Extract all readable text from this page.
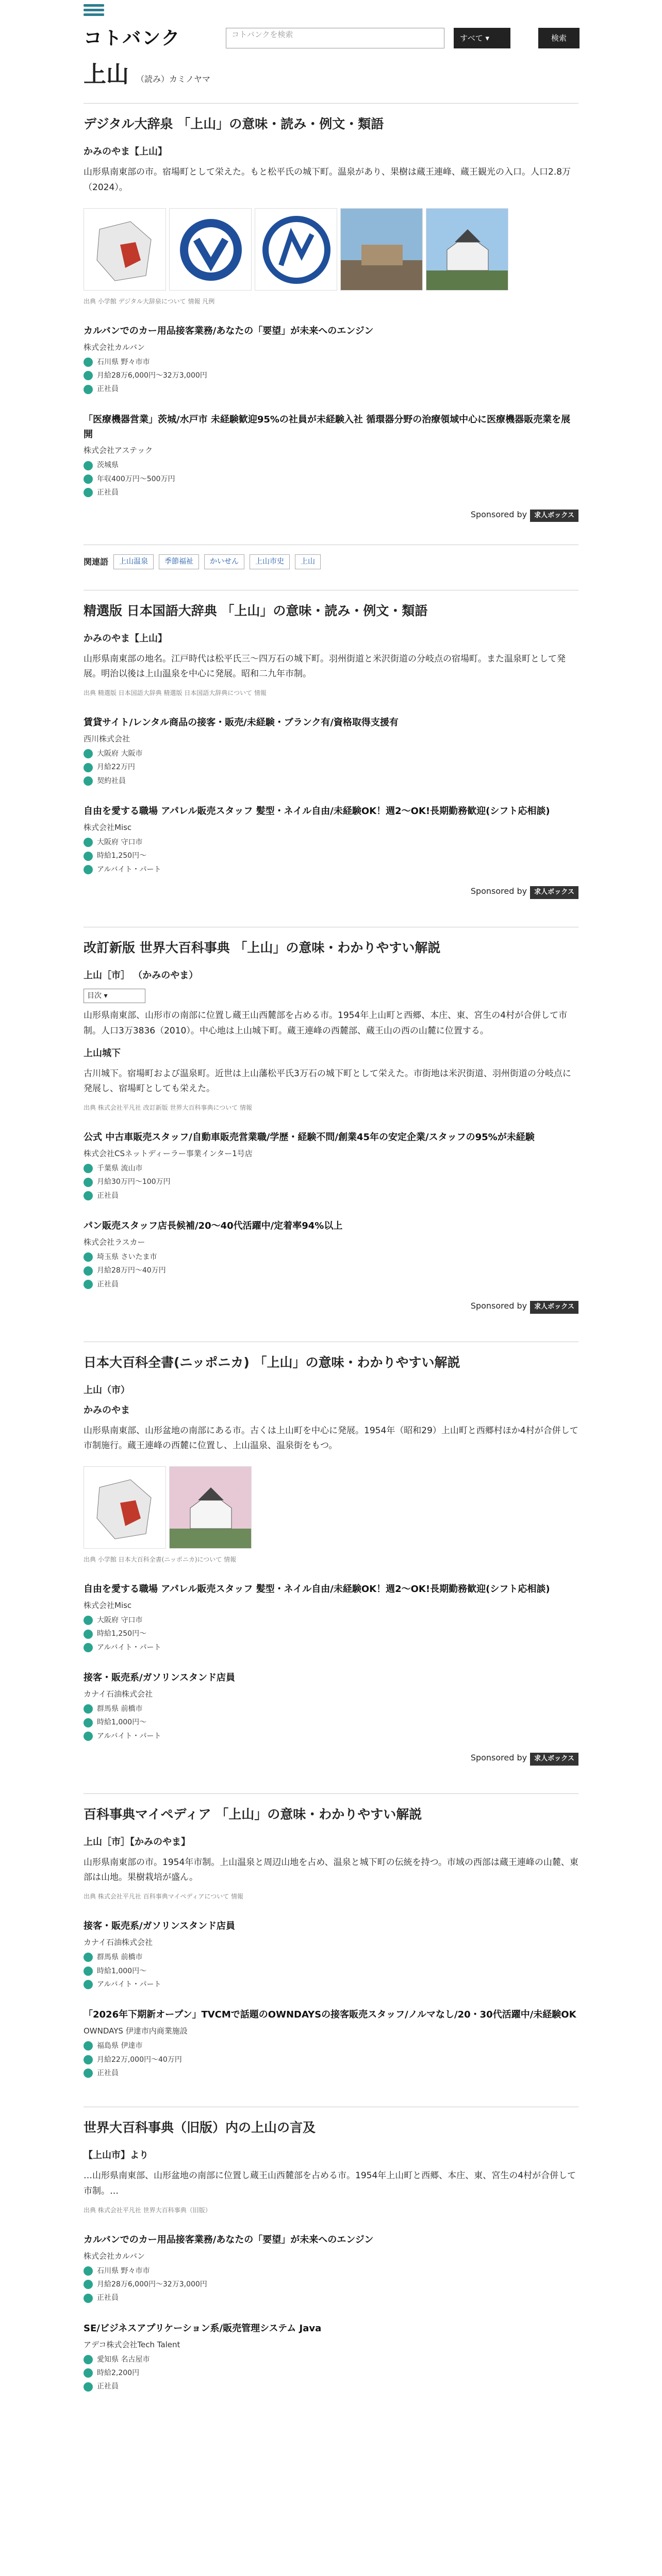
コトバンク	コトバンクを検索	すべて ▾	検索
上山 （読み）カミノヤマ
デジタル大辞泉 「上山」の意味・読み・例文・類語
かみのやま【上山】

山形県南東部の市。宿場町として栄えた。もと松平氏の城下町。温泉があり、果樹は蔵王連峰、蔵王観光の入口。人口2.8万（2024）。

出典 小学館 デジタル大辞泉について 情報 凡例
カルバンでのカー用品接客業務/あなたの「要望」が未来へのエンジン
株式会社カルバン
石川県 野々市市
月給28万6,000円～32万3,000円
正社員
「医療機器営業」茨城/水戸市 未経験歓迎95%の社員が未経験入社 循環器分野の治療領域中心に医療機器販売業を展開
株式会社アステック
茨城県
年収400万円～500万円
正社員
Sponsored by 求人ボックス
関連語	上山温泉	季節福祉	かいせん	上山市史	上山
精選版 日本国語大辞典 「上山」の意味・読み・例文・類語
かみのやま【上山】

山形県南東部の地名。江戸時代は松平氏三～四万石の城下町。羽州街道と米沢街道の分岐点の宿場町。また温泉町として発展。明治以後は上山温泉を中心に発展。昭和二九年市制。

出典 精選版 日本国語大辞典 精選版 日本国語大辞典について 情報
賃貸サイト/レンタル商品の接客・販売/未経験・ブランク有/資格取得支援有
西川株式会社
大阪府 大阪市
月給22万円
契約社員
自由を愛する職場 アパレル販売スタッフ 髪型・ネイル自由/未経験OK！週2～OK!長期勤務歓迎(シフト応相談)
株式会社Misc
大阪府 守口市
時給1,250円～
アルバイト・パート
Sponsored by 求人ボックス
改訂新版 世界大百科事典 「上山」の意味・わかりやすい解説
上山［市］ （かみのやま）
目次 ▾

山形県南東部、山形市の南部に位置し蔵王山西麓部を占める市。1954年上山町と西郷、本庄、東、宮生の4村が合併して市制。人口3万3836（2010）。中心地は上山城下町。蔵王連峰の西麓部、蔵王山の西の山麓に位置する。

上山城下

古川城下。宿場町および温泉町。近世は上山藩松平氏3万石の城下町として栄えた。市街地は米沢街道、羽州街道の分岐点に発展し、宿場町としても栄えた。

出典 株式会社平凡社 改訂新版 世界大百科事典について 情報
公式 中古車販売スタッフ/自動車販売営業職/学歴・経験不問/創業45年の安定企業/スタッフの95%が未経験
株式会社CSネットディーラー事業インター1号店
千葉県 流山市
月給30万円～100万円
正社員
パン販売スタッフ店長候補/20～40代活躍中/定着率94%以上
株式会社ラスカー
埼玉県 さいたま市
月給28万円～40万円
正社員
Sponsored by 求人ボックス
日本大百科全書(ニッポニカ) 「上山」の意味・わかりやすい解説
上山（市）
かみのやま

山形県南東部、山形盆地の南部にある市。古くは上山町を中心に発展。1954年（昭和29）上山町と西郷村ほか4村が合併して市制施行。蔵王連峰の西麓に位置し、上山温泉、温泉街をもつ。

出典 小学館 日本大百科全書(ニッポニカ)について 情報
自由を愛する職場 アパレル販売スタッフ 髪型・ネイル自由/未経験OK！週2～OK!長期勤務歓迎(シフト応相談)
株式会社Misc
大阪府 守口市
時給1,250円～
アルバイト・パート
接客・販売系/ガソリンスタンド店員
カナイ石油株式会社
群馬県 前橋市
時給1,000円～
アルバイト・パート
Sponsored by 求人ボックス
百科事典マイペディア 「上山」の意味・わかりやすい解説
上山［市］【かみのやま】

山形県南東部の市。1954年市制。上山温泉と周辺山地を占め、温泉と城下町の伝統を持つ。市域の西部は蔵王連峰の山麓、東部は山地。果樹栽培が盛ん。

出典 株式会社平凡社 百科事典マイペディアについて 情報
接客・販売系/ガソリンスタンド店員
カナイ石油株式会社
群馬県 前橋市
時給1,000円～
アルバイト・パート
「2026年下期新オープン」TVCMで話題のOWNDAYSの接客販売スタッフ/ノルマなし/20・30代活躍中/未経験OK
OWNDAYS 伊達市内商業施設
福島県 伊達市
月給22万,000円～40万円
正社員
世界大百科事典（旧版）内の上山の言及
【上山市】より

…山形県南東部、山形盆地の南部に位置し蔵王山西麓部を占める市。1954年上山町と西郷、本庄、東、宮生の4村が合併して市制。…

出典 株式会社平凡社 世界大百科事典（旧版）
カルバンでのカー用品接客業務/あなたの「要望」が未来へのエンジン
株式会社カルバン
石川県 野々市市
月給28万6,000円～32万3,000円
正社員
SE/ビジネスアプリケーション系/販売管理システム Java
アデコ株式会社Tech Talent
愛知県 名古屋市
時給2,200円
正社員
